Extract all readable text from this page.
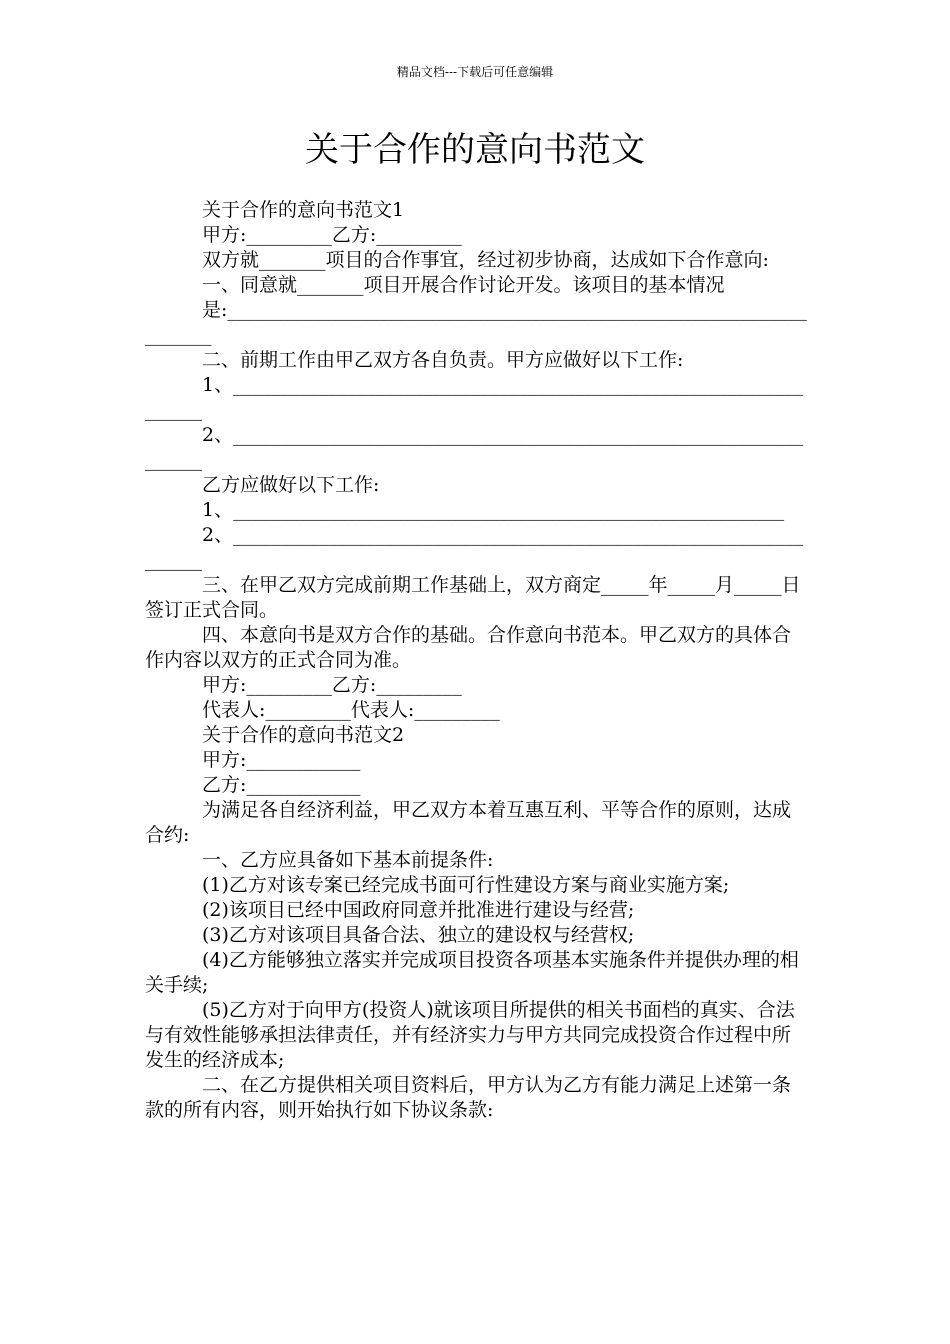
精品文档---下载后可任意编辑
关于合作的意向书范文

关于合作的意向书范文1

甲方:_________乙方:_________

双方就_______项目的合作事宜，经过初步协商，达成如下合作意向:

一、同意就_______项目开展合作讨论开发。该项目的基本情况

是:____________________________________________________________________

二、前期工作由甲乙双方各自负责。甲方应做好以下工作:

1、__________________________________________________________________

2、__________________________________________________________________

乙方应做好以下工作:

1、__________________________________________________________

2、__________________________________________________________________

三、在甲乙双方完成前期工作基础上，双方商定_____年_____月_____日签订正式合同。

四、本意向书是双方合作的基础。合作意向书范本。甲乙双方的具体合作内容以双方的正式合同为准。

甲方:_________乙方:_________

代表人:_________代表人:_________

关于合作的意向书范文2

甲方:____________

乙方:____________

为满足各自经济利益，甲乙双方本着互惠互利、平等合作的原则，达成合约:

一、乙方应具备如下基本前提条件:

(1)乙方对该专案已经完成书面可行性建设方案与商业实施方案;

(2)该项目已经中国政府同意并批准进行建设与经营;

(3)乙方对该项目具备合法、独立的建设权与经营权;

(4)乙方能够独立落实并完成项目投资各项基本实施条件并提供办理的相关手续;

(5)乙方对于向甲方(投资人)就该项目所提供的相关书面档的真实、合法与有效性能够承担法律责任，并有经济实力与甲方共同完成投资合作过程中所发生的经济成本;

二、在乙方提供相关项目资料后，甲方认为乙方有能力满足上述第一条款的所有内容，则开始执行如下协议条款:
